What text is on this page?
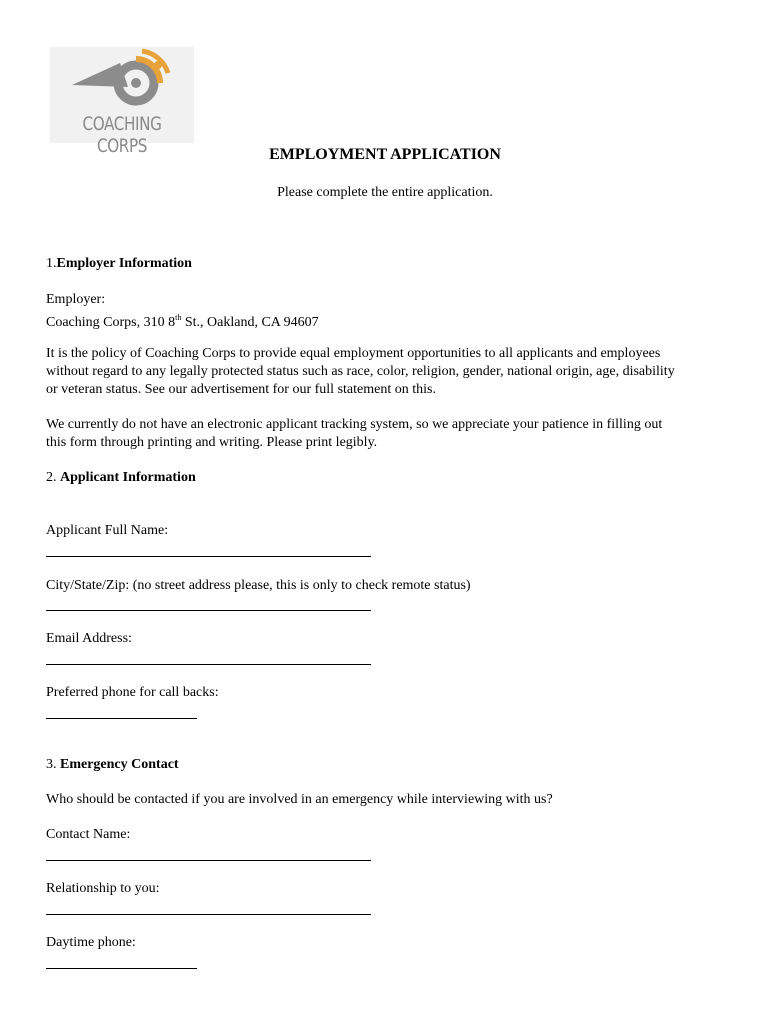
COACHING CORPS	EMPLOYMENT APPLICATION
Please complete the entire application.
1.Employer Information
Employer:
Coaching Corps, 310 8th St., Oakland, CA 94607
It is the policy of Coaching Corps to provide equal employment opportunities to all applicants and employees
without regard to any legally protected status such as race, color, religion, gender, national origin, age, disability
or veteran status. See our advertisement for our full statement on this.
We currently do not have an electronic applicant tracking system, so we appreciate your patience in filling out
this form through printing and writing. Please print legibly.
2. Applicant Information
Applicant Full Name:
City/State/Zip: (no street address please, this is only to check remote status)
Email Address:
Preferred phone for call backs:
3. Emergency Contact
Who should be contacted if you are involved in an emergency while interviewing with us?
Contact Name:
Relationship to you:
Daytime phone:
